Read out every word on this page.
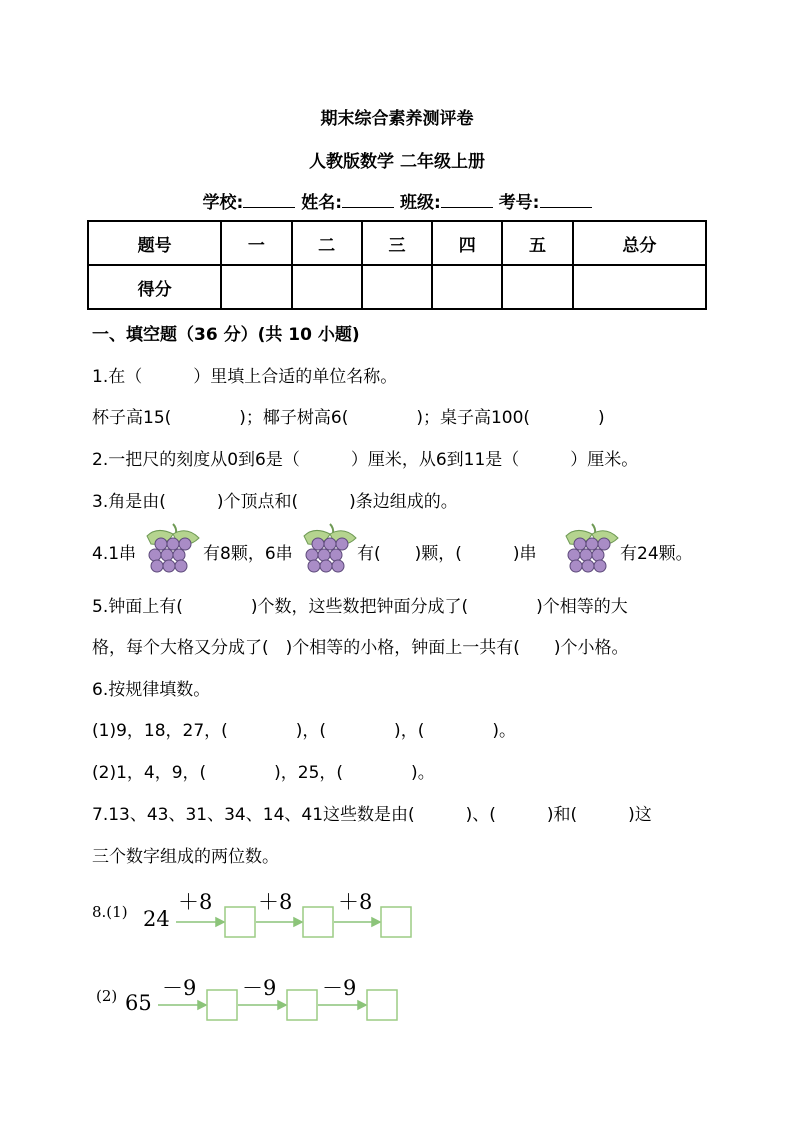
期末综合素养测评卷
人教版数学 二年级上册
学校:	姓名:	班级:	考号:
题号	一	二	三	四	五	总分
得分						
一、填空题（36 分）(共 10 小题)
1.在（　　　）里填上合适的单位名称。
杯子高15(　　　　)；椰子树高6(　　　　)；桌子高100(　　　　)
2.一把尺的刻度从0到6是（　　　）厘米，从6到11是（　　　）厘米。
3.角是由(　　　)个顶点和(　　　)条边组成的。
4.1串	有8颗，6串	有(　　)颗，(　　　)串	有24颗。
5.钟面上有(　　　　)个数，这些数把钟面分成了(　　　　)个相等的大
格，每个大格又分成了(　)个相等的小格，钟面上一共有(　　)个小格。
6.按规律填数。
(1)9，18，27，(　　　　)，(　　　　)，(　　　　)。
(2)1，4，9，(　　　　)，25，(　　　　)。
7.13、43、31、34、14、41这些数是由(　　　)、(　　　)和(　　　)这
三个数字组成的两位数。
8.(1) 24
＋8 ＋8 ＋8
(2) 65
－9 －9 －9
